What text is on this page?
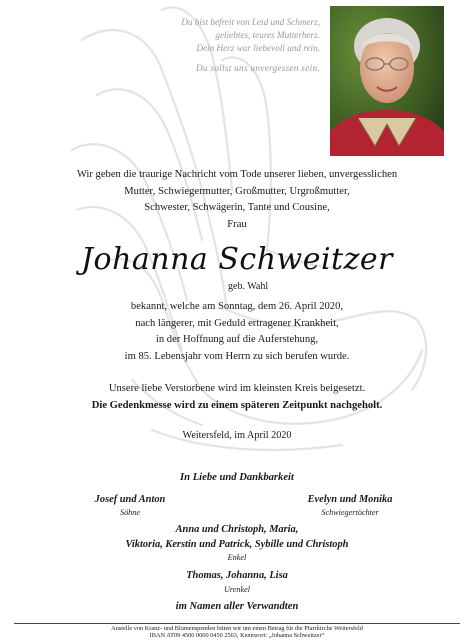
Du bist befreit von Leid und Schmerz,
geliebtes, teures Mutterherz.
Dein Herz war liebevoll und rein.
Du sollst uns unvergessen sein.
Wir geben die traurige Nachricht vom Tode unserer lieben, unvergesslichen
Mutter, Schwiegermutter, Großmutter, Urgroßmutter,
Schwester, Schwägerin, Tante und Cousine,
Frau
Johanna Schweitzer
geb. Wahl
bekannt, welche am Sonntag, dem 26. April 2020,
nach längerer, mit Geduld ertragener Krankheit,
in der Hoffnung auf die Auferstehung,
im 85. Lebensjahr vom Herrn zu sich berufen wurde.
Unsere liebe Verstorbene wird im kleinsten Kreis beigesetzt.
Die Gedenkmesse wird zu einem späteren Zeitpunkt nachgeholt.
Weitersfeld, im April 2020
In Liebe und Dankbarkeit
Josef und Anton
Söhne
Evelyn und Monika
Schwiegertöchter
Anna und Christoph, Maria,
Viktoria, Kerstin und Patrick, Sybille und Christoph
Enkel
Thomas, Johanna, Lisa
Urenkel
im Namen aller Verwandten
Anstelle von Kranz- und Blumenspenden bitten wir um einen Betrag für die Pfarrkirche Weitersfeld
IBAN AT09 4500 0000 0450 2563, Kennwort: „Johanna Schweitzer“
